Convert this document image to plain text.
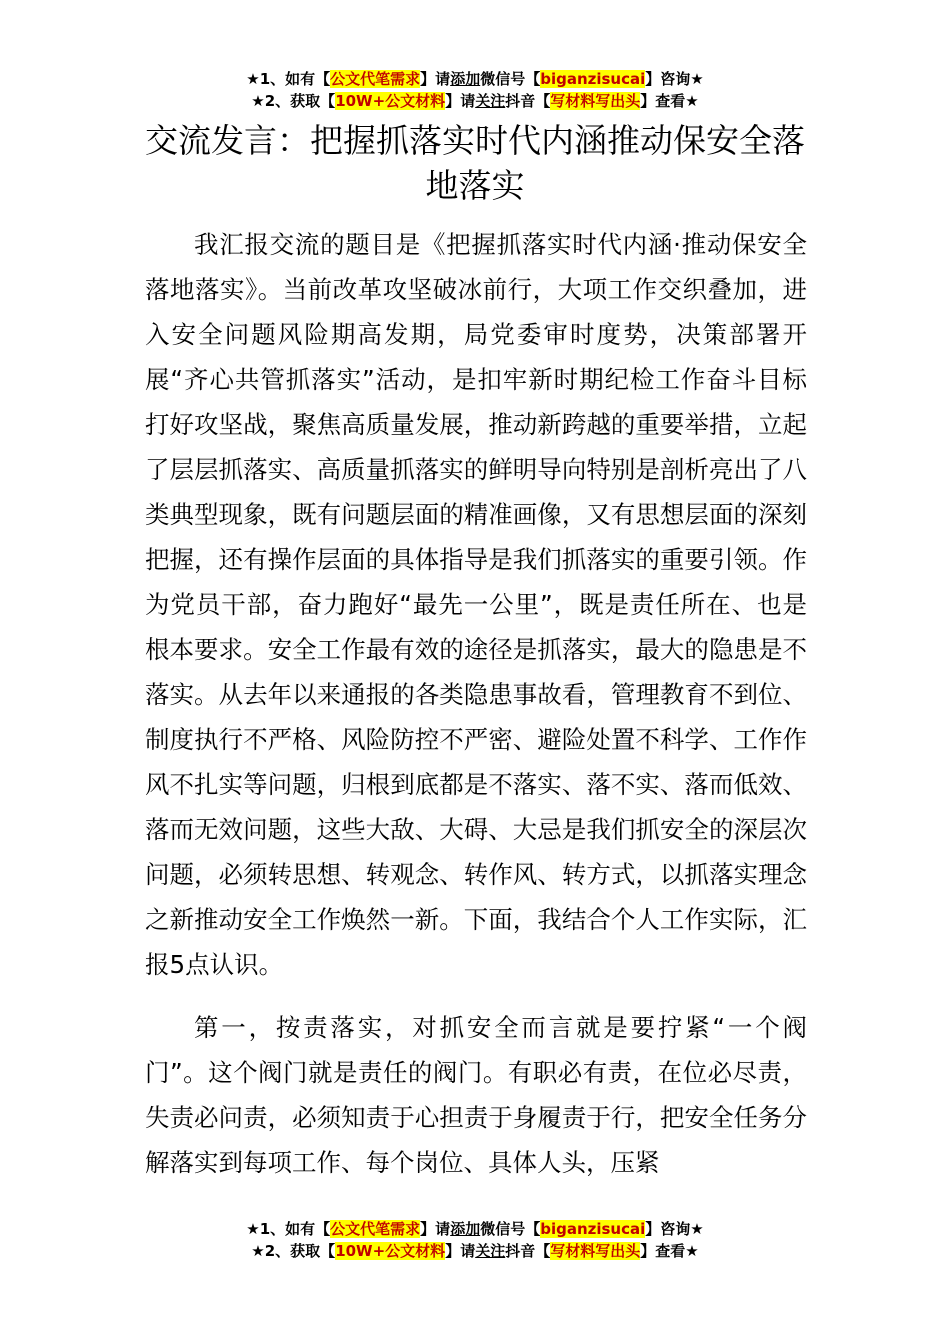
★1、如有【公文代笔需求】请添加微信号【biganzisucai】咨询★
★2、获取【10W+公文材料】请关注抖音【写材料写出头】查看★
交流发言：把握抓落实时代内涵推动保安全落地落实

我汇报交流的题目是《把握抓落实时代内涵·推动保安全落地落实》。当前改革攻坚破冰前行，大项工作交织叠加，进入安全问题风险期高发期，局党委审时度势，决策部署开展“齐心共管抓落实”活动，是扣牢新时期纪检工作奋斗目标打好攻坚战，聚焦高质量发展，推动新跨越的重要举措，立起了层层抓落实、高质量抓落实的鲜明导向特别是剖析亮出了八类典型现象，既有问题层面的精准画像，又有思想层面的深刻把握，还有操作层面的具体指导是我们抓落实的重要引领。作为党员干部，奋力跑好“最先一公里”，既是责任所在、也是根本要求。安全工作最有效的途径是抓落实，最大的隐患是不落实。从去年以来通报的各类隐患事故看，管理教育不到位、制度执行不严格、风险防控不严密、避险处置不科学、工作作风不扎实等问题，归根到底都是不落实、落不实、落而低效、落而无效问题，这些大敌、大碍、大忌是我们抓安全的深层次问题，必须转思想、转观念、转作风、转方式，以抓落实理念之新推动安全工作焕然一新。下面，我结合个人工作实际，汇报5点认识。

第一，按责落实，对抓安全而言就是要拧紧“一个阀门”。这个阀门就是责任的阀门。有职必有责，在位必尽责，失责必问责，必须知责于心担责于身履责于行，把安全任务分解落实到每项工作、每个岗位、具体人头，压紧

★1、如有【公文代笔需求】请添加微信号【biganzisucai】咨询★
★2、获取【10W+公文材料】请关注抖音【写材料写出头】查看★
